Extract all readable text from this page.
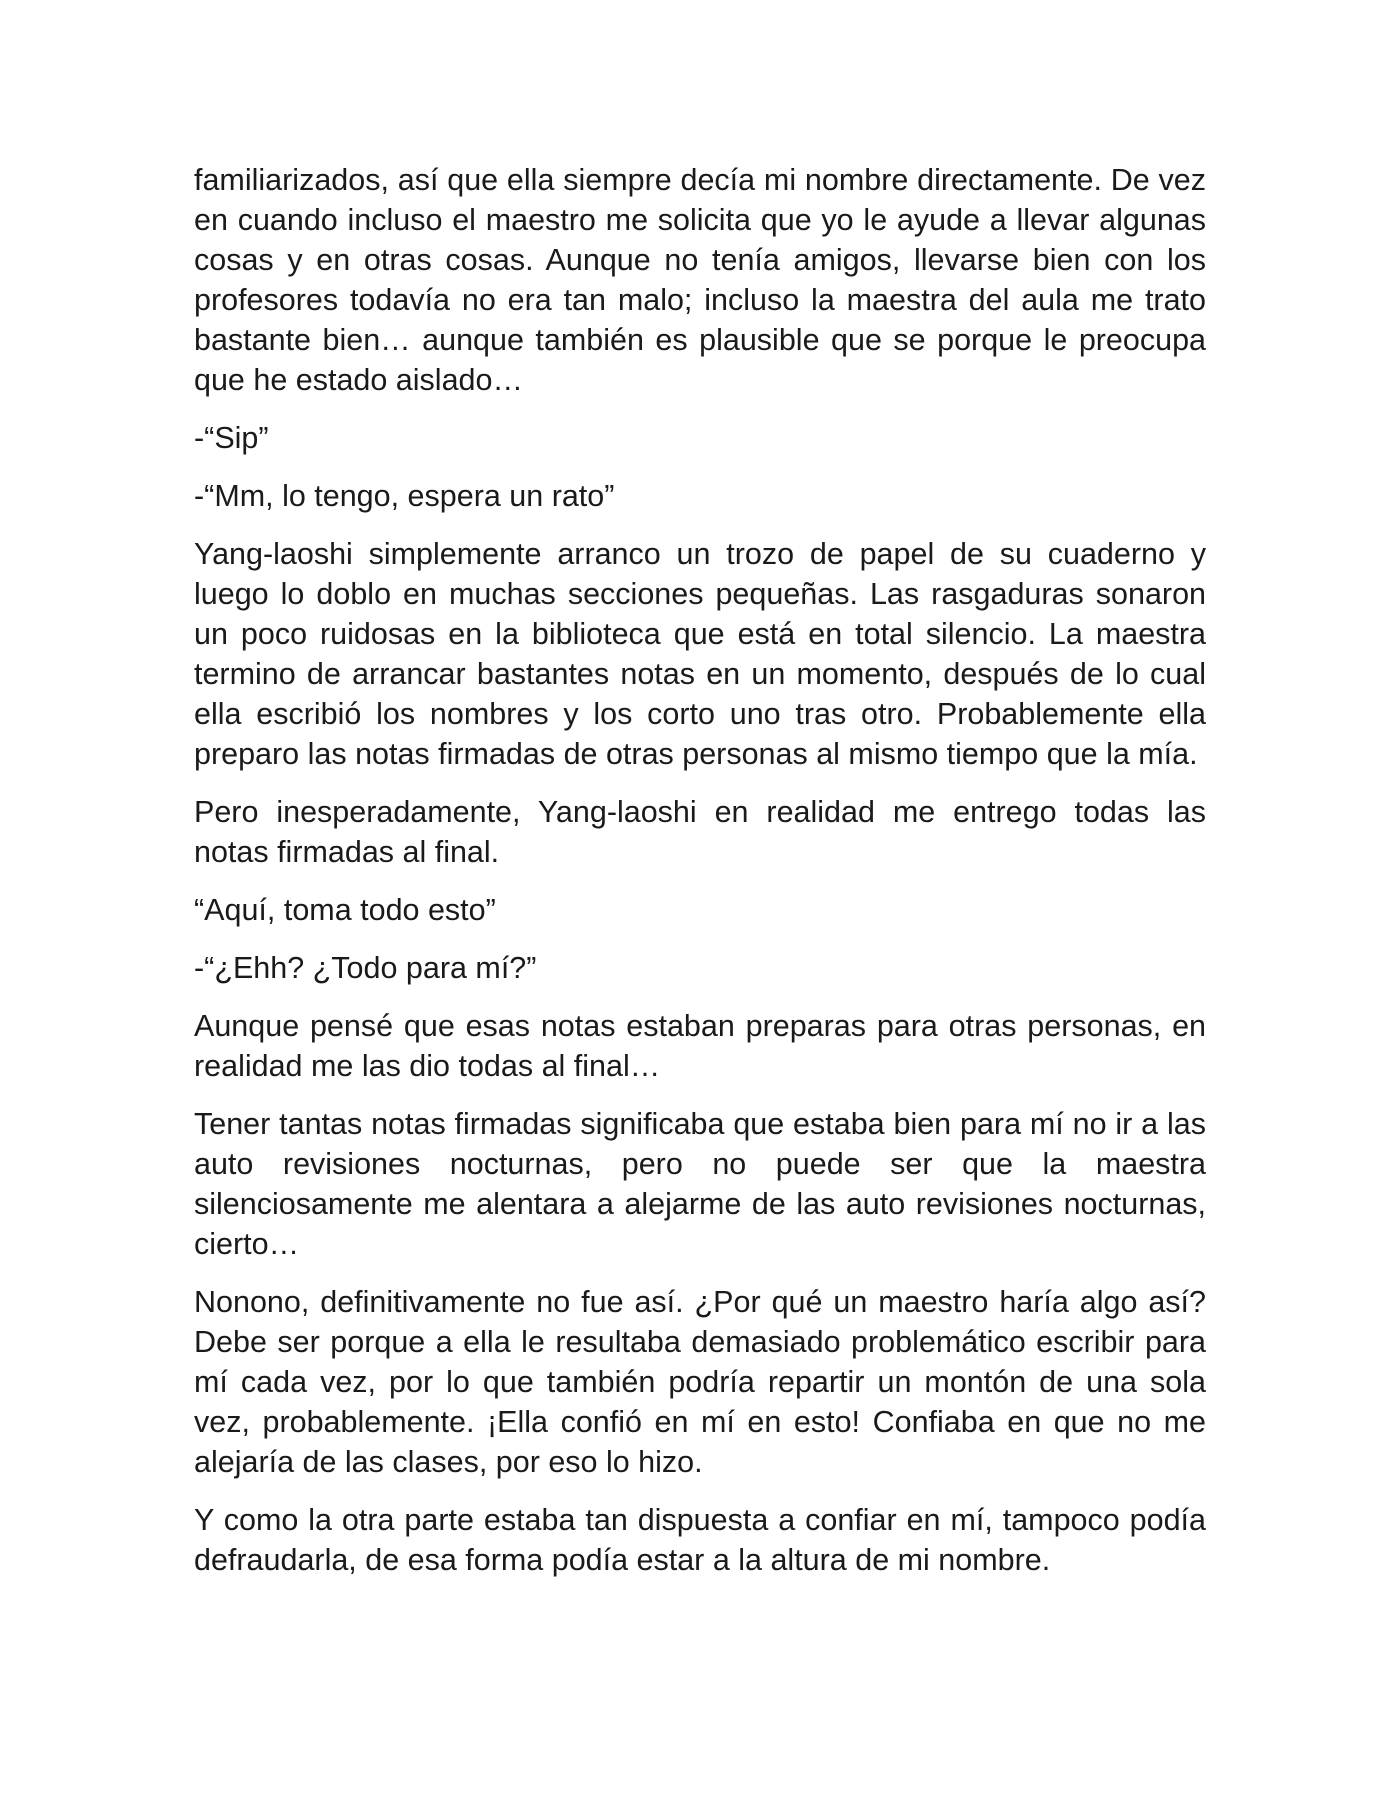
familiarizados, así que ella siempre decía mi nombre directamente. De vez en cuando incluso el maestro me solicita que yo le ayude a llevar algunas cosas y en otras cosas. Aunque no tenía amigos, llevarse bien con los profesores todavía no era tan malo; incluso la maestra del aula me trato bastante bien… aunque también es plausible que se porque le preocupa que he estado aislado…

-“Sip”

-“Mm, lo tengo, espera un rato”

Yang-laoshi simplemente arranco un trozo de papel de su cuaderno y luego lo doblo en muchas secciones pequeñas. Las rasgaduras sonaron un poco ruidosas en la biblioteca que está en total silencio. La maestra termino de arrancar bastantes notas en un momento, después de lo cual ella escribió los nombres y los corto uno tras otro. Probablemente ella preparo las notas firmadas de otras personas al mismo tiempo que la mía.

Pero inesperadamente, Yang-laoshi en realidad me entrego todas las notas firmadas al final.

“Aquí, toma todo esto”

-“¿Ehh? ¿Todo para mí?”

Aunque pensé que esas notas estaban preparas para otras personas, en realidad me las dio todas al final…

Tener tantas notas firmadas significaba que estaba bien para mí no ir a las auto revisiones nocturnas, pero no puede ser que la maestra silenciosamente me alentara a alejarme de las auto revisiones nocturnas, cierto…

Nonono, definitivamente no fue así. ¿Por qué un maestro haría algo así? Debe ser porque a ella le resultaba demasiado problemático escribir para mí cada vez, por lo que también podría repartir un montón de una sola vez, probablemente. ¡Ella confió en mí en esto! Confiaba en que no me alejaría de las clases, por eso lo hizo.

Y como la otra parte estaba tan dispuesta a confiar en mí, tampoco podía defraudarla, de esa forma podía estar a la altura de mi nombre.
